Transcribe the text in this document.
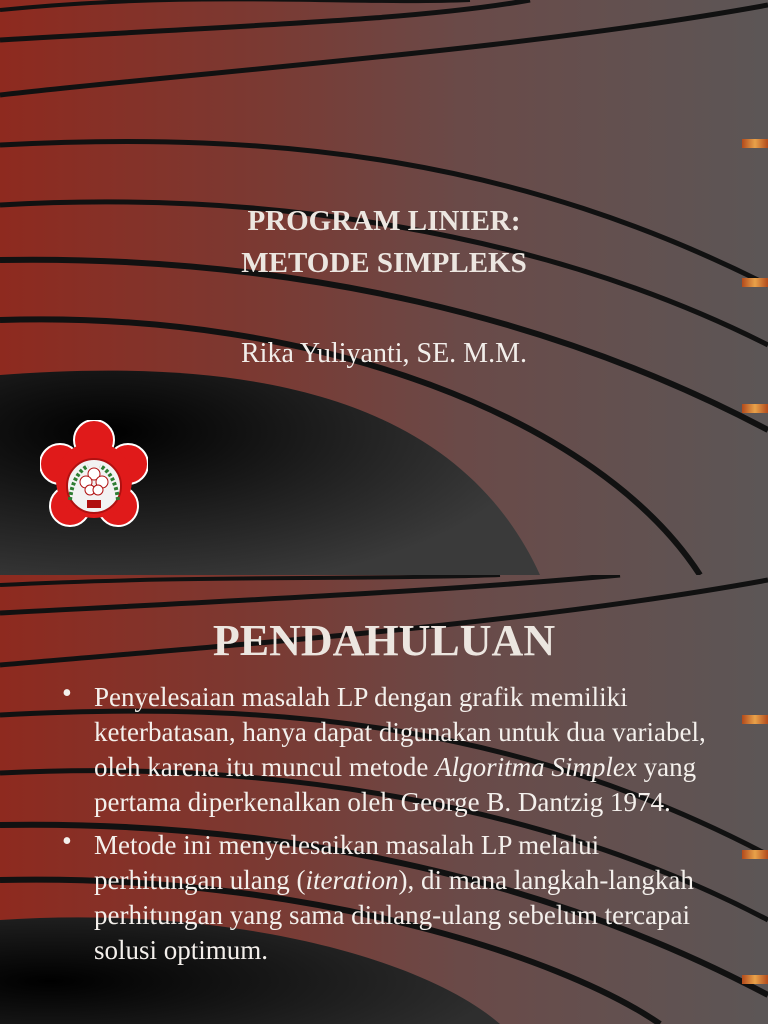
PROGRAM LINIER:
METODE SIMPLEKS
Rika Yuliyanti, SE. M.M.
PENDAHULUAN
• Penyelesaian masalah LP dengan grafik memiliki keterbatasan, hanya dapat digunakan untuk dua variabel, oleh karena itu muncul metode Algoritma Simplex yang pertama diperkenalkan oleh George B. Dantzig 1974.
• Metode ini menyelesaikan masalah LP melalui perhitungan ulang (iteration), di mana langkah-langkah perhitungan yang sama diulang-ulang sebelum tercapai solusi optimum.
